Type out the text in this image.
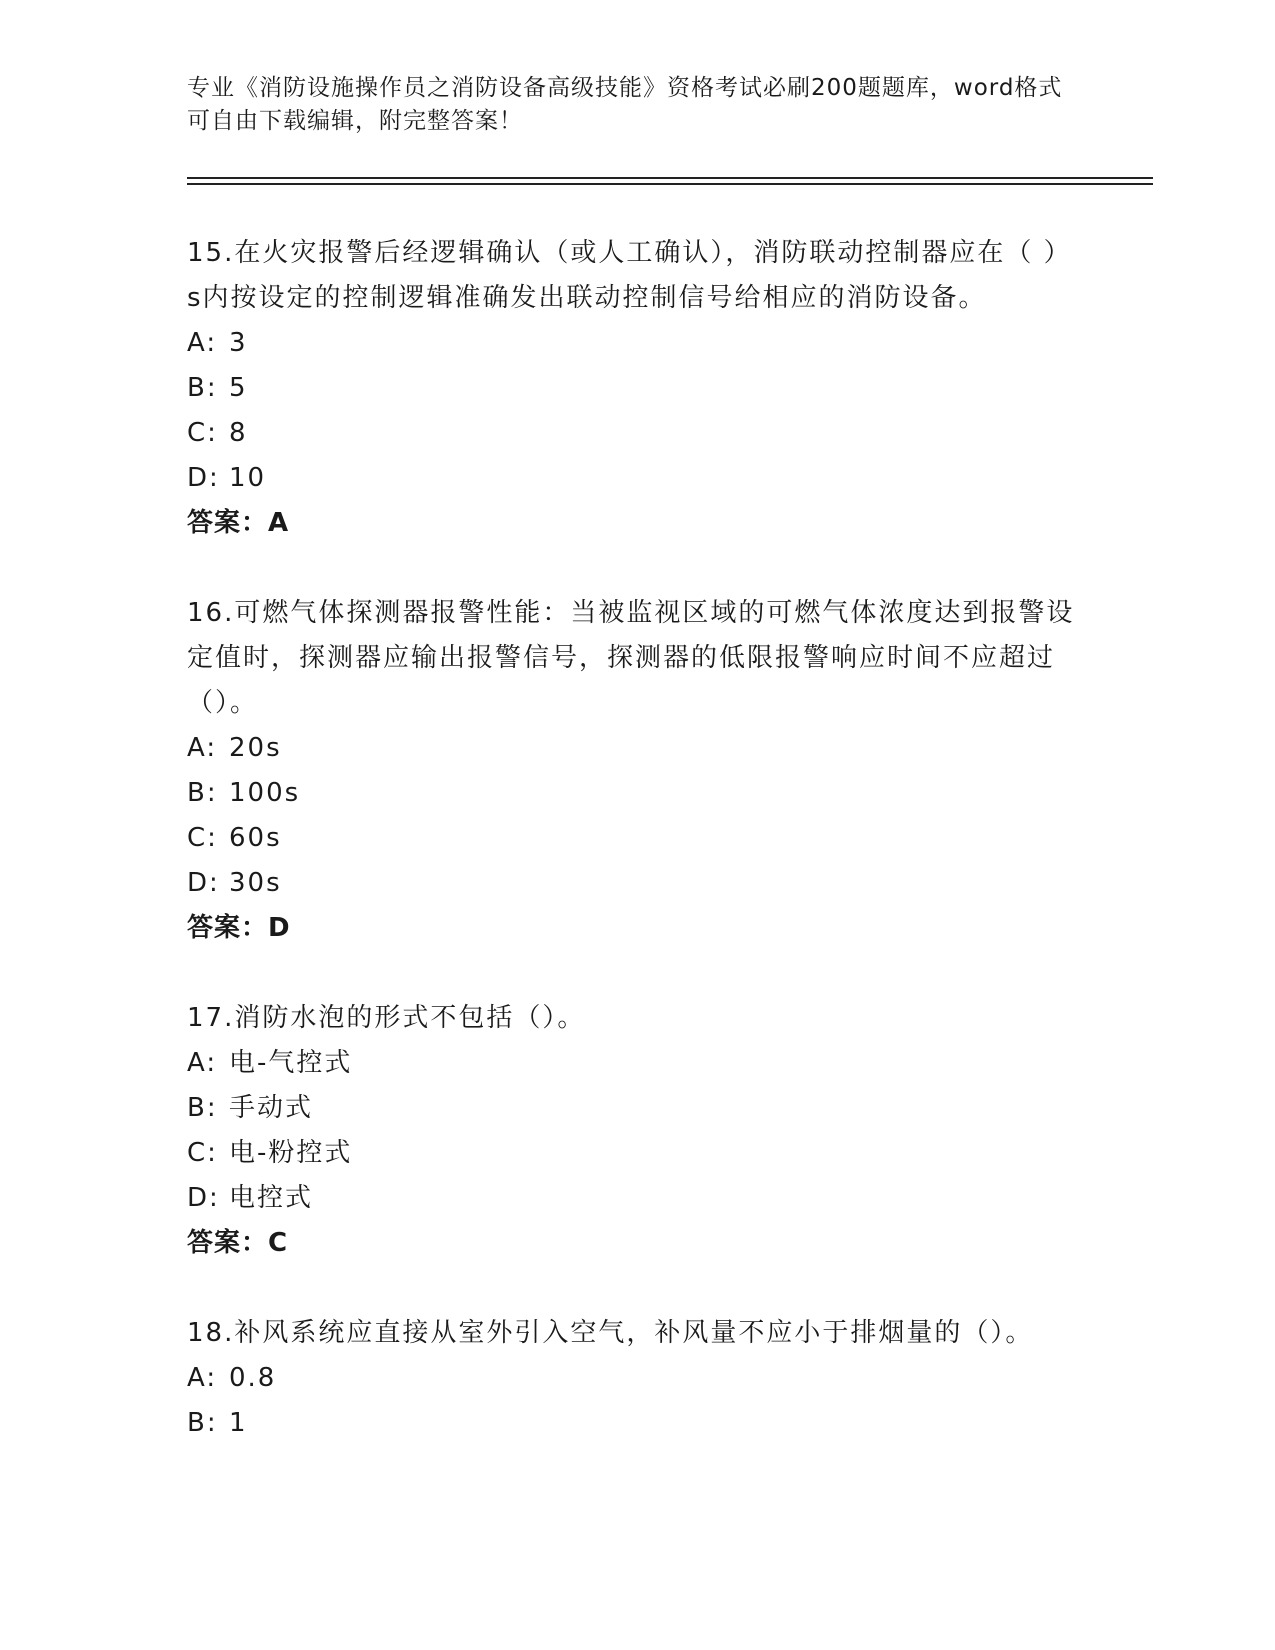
专业《消防设施操作员之消防设备高级技能》资格考试必刷200题题库，word格式可自由下载编辑，附完整答案！

15.在火灾报警后经逻辑确认（或人工确认），消防联动控制器应在（ ）s内按设定的控制逻辑准确发出联动控制信号给相应的消防设备。

A: 3
B: 5
C: 8
D: 10
答案：A

16.可燃气体探测器报警性能：当被监视区域的可燃气体浓度达到报警设定值时，探测器应输出报警信号，探测器的低限报警响应时间不应超过（）。

A: 20s
B: 100s
C: 60s
D: 30s
答案：D

17.消防水泡的形式不包括（）。

A: 电-气控式
B: 手动式
C: 电-粉控式
D: 电控式
答案：C

18.补风系统应直接从室外引入空气，补风量不应小于排烟量的（）。

A: 0.8
B: 1
